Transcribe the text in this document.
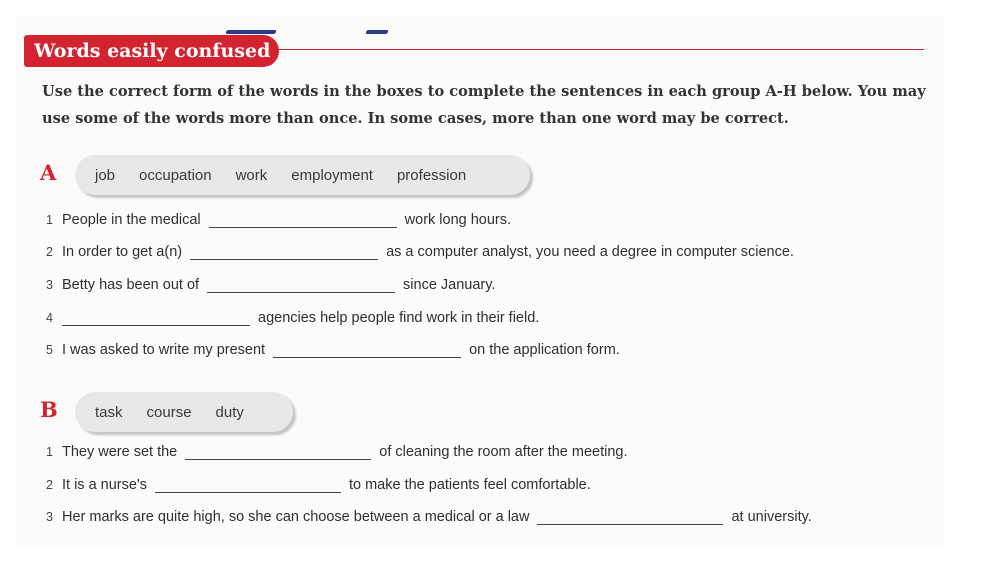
Words easily confused

Use the correct form of the words in the boxes to complete the sentences in each group A-H below. You may use some of the words more than once. In some cases, more than one word may be correct.

A	job occupation work employment profession
1 People in the medical	work long hours.
2 In order to get a(n)	as a computer analyst, you need a degree in computer science.
3 Betty has been out of	since January.
4	agencies help people find work in their field.
5 I was asked to write my present	on the application form.
B task course duty
1 They were set the	of cleaning the room after the meeting.
2 It is a nurse's	to make the patients feel comfortable.
3 Her marks are quite high, so she can choose between a medical or a law	at university.
